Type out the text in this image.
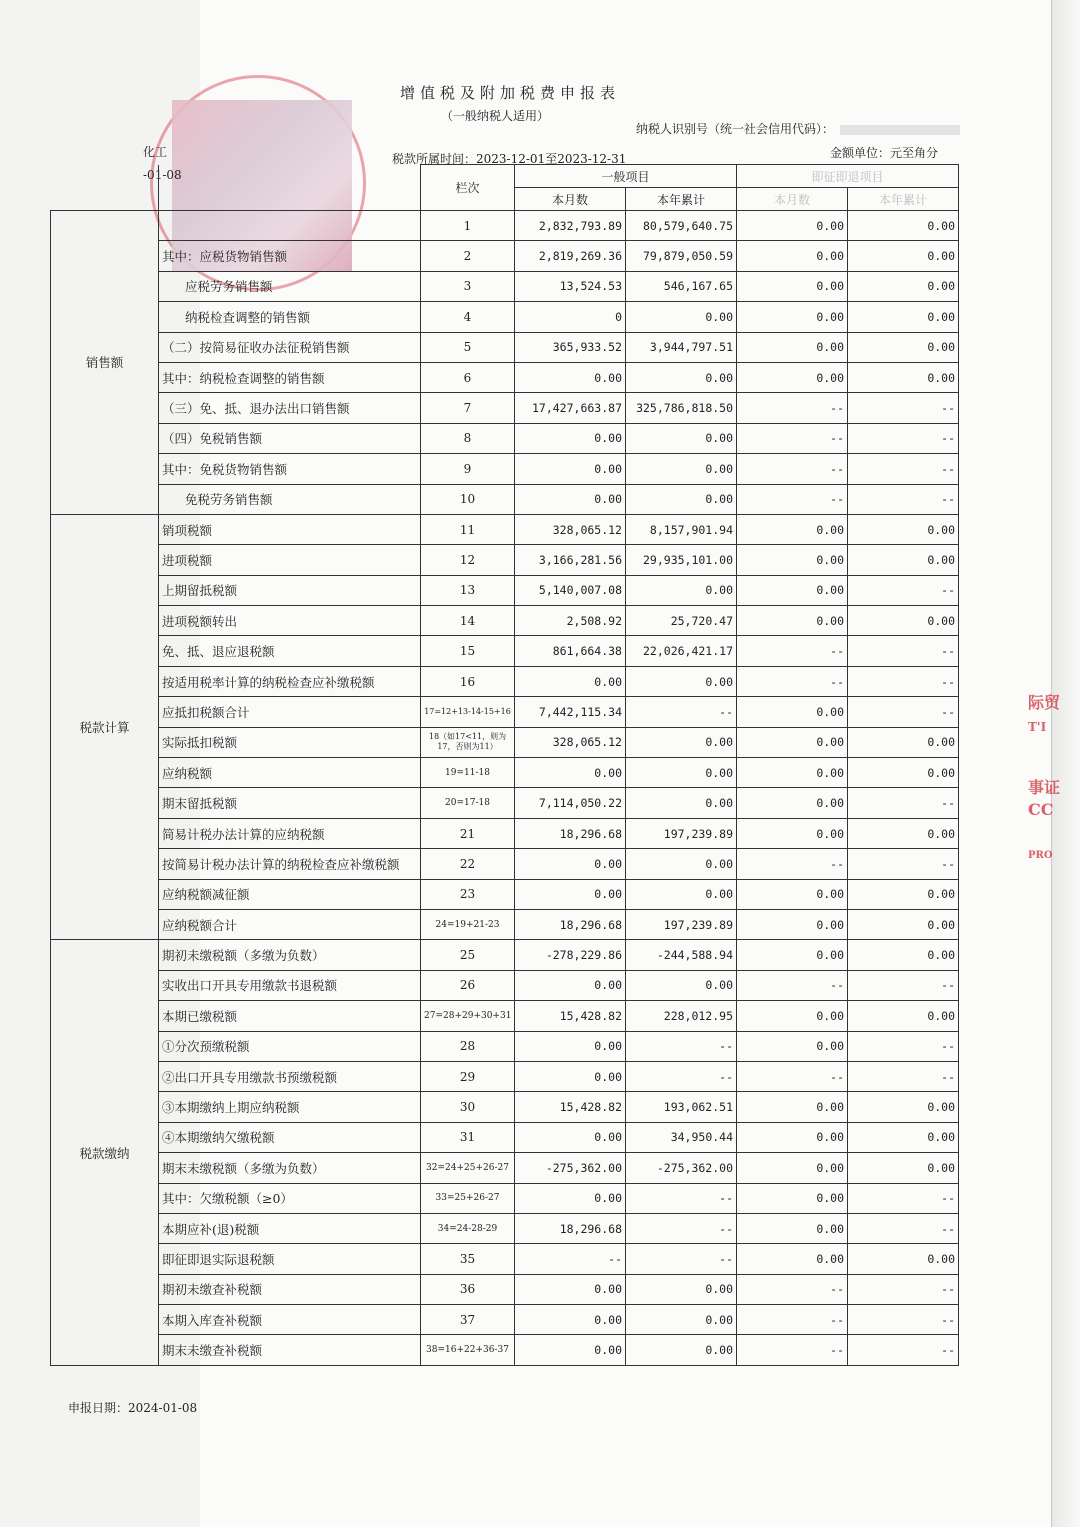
增值税及附加税费申报表
（一般纳税人适用）
纳税人识别号（统一社会信用代码）：
化工
-01-08
税款所属时间：2023-12-01至2023-12-31	金额单位：元至角分
		栏次	一般项目		即征即退项目	
			本月数	本年累计	本月数	本年累计
销售额		1	2,832,793.89	80,579,640.75	0.00	0.00
	其中：应税货物销售额	2	2,819,269.36	79,879,050.59	0.00	0.00
	应税劳务销售额	3	13,524.53	546,167.65	0.00	0.00
	纳税检查调整的销售额	4	0	0.00	0.00	0.00
	（二）按简易征收办法征税销售额	5	365,933.52	3,944,797.51	0.00	0.00
	其中：纳税检查调整的销售额	6	0.00	0.00	0.00	0.00
	（三）免、抵、退办法出口销售额	7	17,427,663.87	325,786,818.50	--	--
	（四）免税销售额	8	0.00	0.00	--	--
	其中：免税货物销售额	9	0.00	0.00	--	--
	免税劳务销售额	10	0.00	0.00	--	--
税款计算	销项税额	11	328,065.12	8,157,901.94	0.00	0.00
	进项税额	12	3,166,281.56	29,935,101.00	0.00	0.00
	上期留抵税额	13	5,140,007.08	0.00	0.00	--
	进项税额转出	14	2,508.92	25,720.47	0.00	0.00
	免、抵、退应退税额	15	861,664.38	22,026,421.17	--	--
	按适用税率计算的纳税检查应补缴税额	16	0.00	0.00	--	--
	应抵扣税额合计	17=12+13-14-15+16	7,442,115.34	--	0.00	--
	实际抵扣税额	18（如17<11，则为17，否则为11）	328,065.12	0.00	0.00	0.00
	应纳税额	19=11-18	0.00	0.00	0.00	0.00
	期末留抵税额	20=17-18	7,114,050.22	0.00	0.00	--
	简易计税办法计算的应纳税额	21	18,296.68	197,239.89	0.00	0.00
	按简易计税办法计算的纳税检查应补缴税额	22	0.00	0.00	--	--
	应纳税额减征额	23	0.00	0.00	0.00	0.00
	应纳税额合计	24=19+21-23	18,296.68	197,239.89	0.00	0.00
税款缴纳	期初未缴税额（多缴为负数）	25	-278,229.86	-244,588.94	0.00	0.00
	实收出口开具专用缴款书退税额	26	0.00	0.00	--	--
	本期已缴税额	27=28+29+30+31	15,428.82	228,012.95	0.00	0.00
	①分次预缴税额	28	0.00	--	0.00	--
	②出口开具专用缴款书预缴税额	29	0.00	--	--	--
	③本期缴纳上期应纳税额	30	15,428.82	193,062.51	0.00	0.00
	④本期缴纳欠缴税额	31	0.00	34,950.44	0.00	0.00
	期末未缴税额（多缴为负数）	32=24+25+26-27	-275,362.00	-275,362.00	0.00	0.00
	其中：欠缴税额（≥0）	33=25+26-27	0.00	--	0.00	--
	本期应补(退)税额	34=24-28-29	18,296.68	--	0.00	--
	即征即退实际退税额	35	--	--	0.00	0.00
	期初未缴查补税额	36	0.00	0.00	--	--
	本期入库查补税额	37	0.00	0.00	--	--
	期末未缴查补税额	38=16+22+36-37	0.00	0.00	--	--
际贸
T'I
事证
CC
PRO
申报日期：2024-01-08
